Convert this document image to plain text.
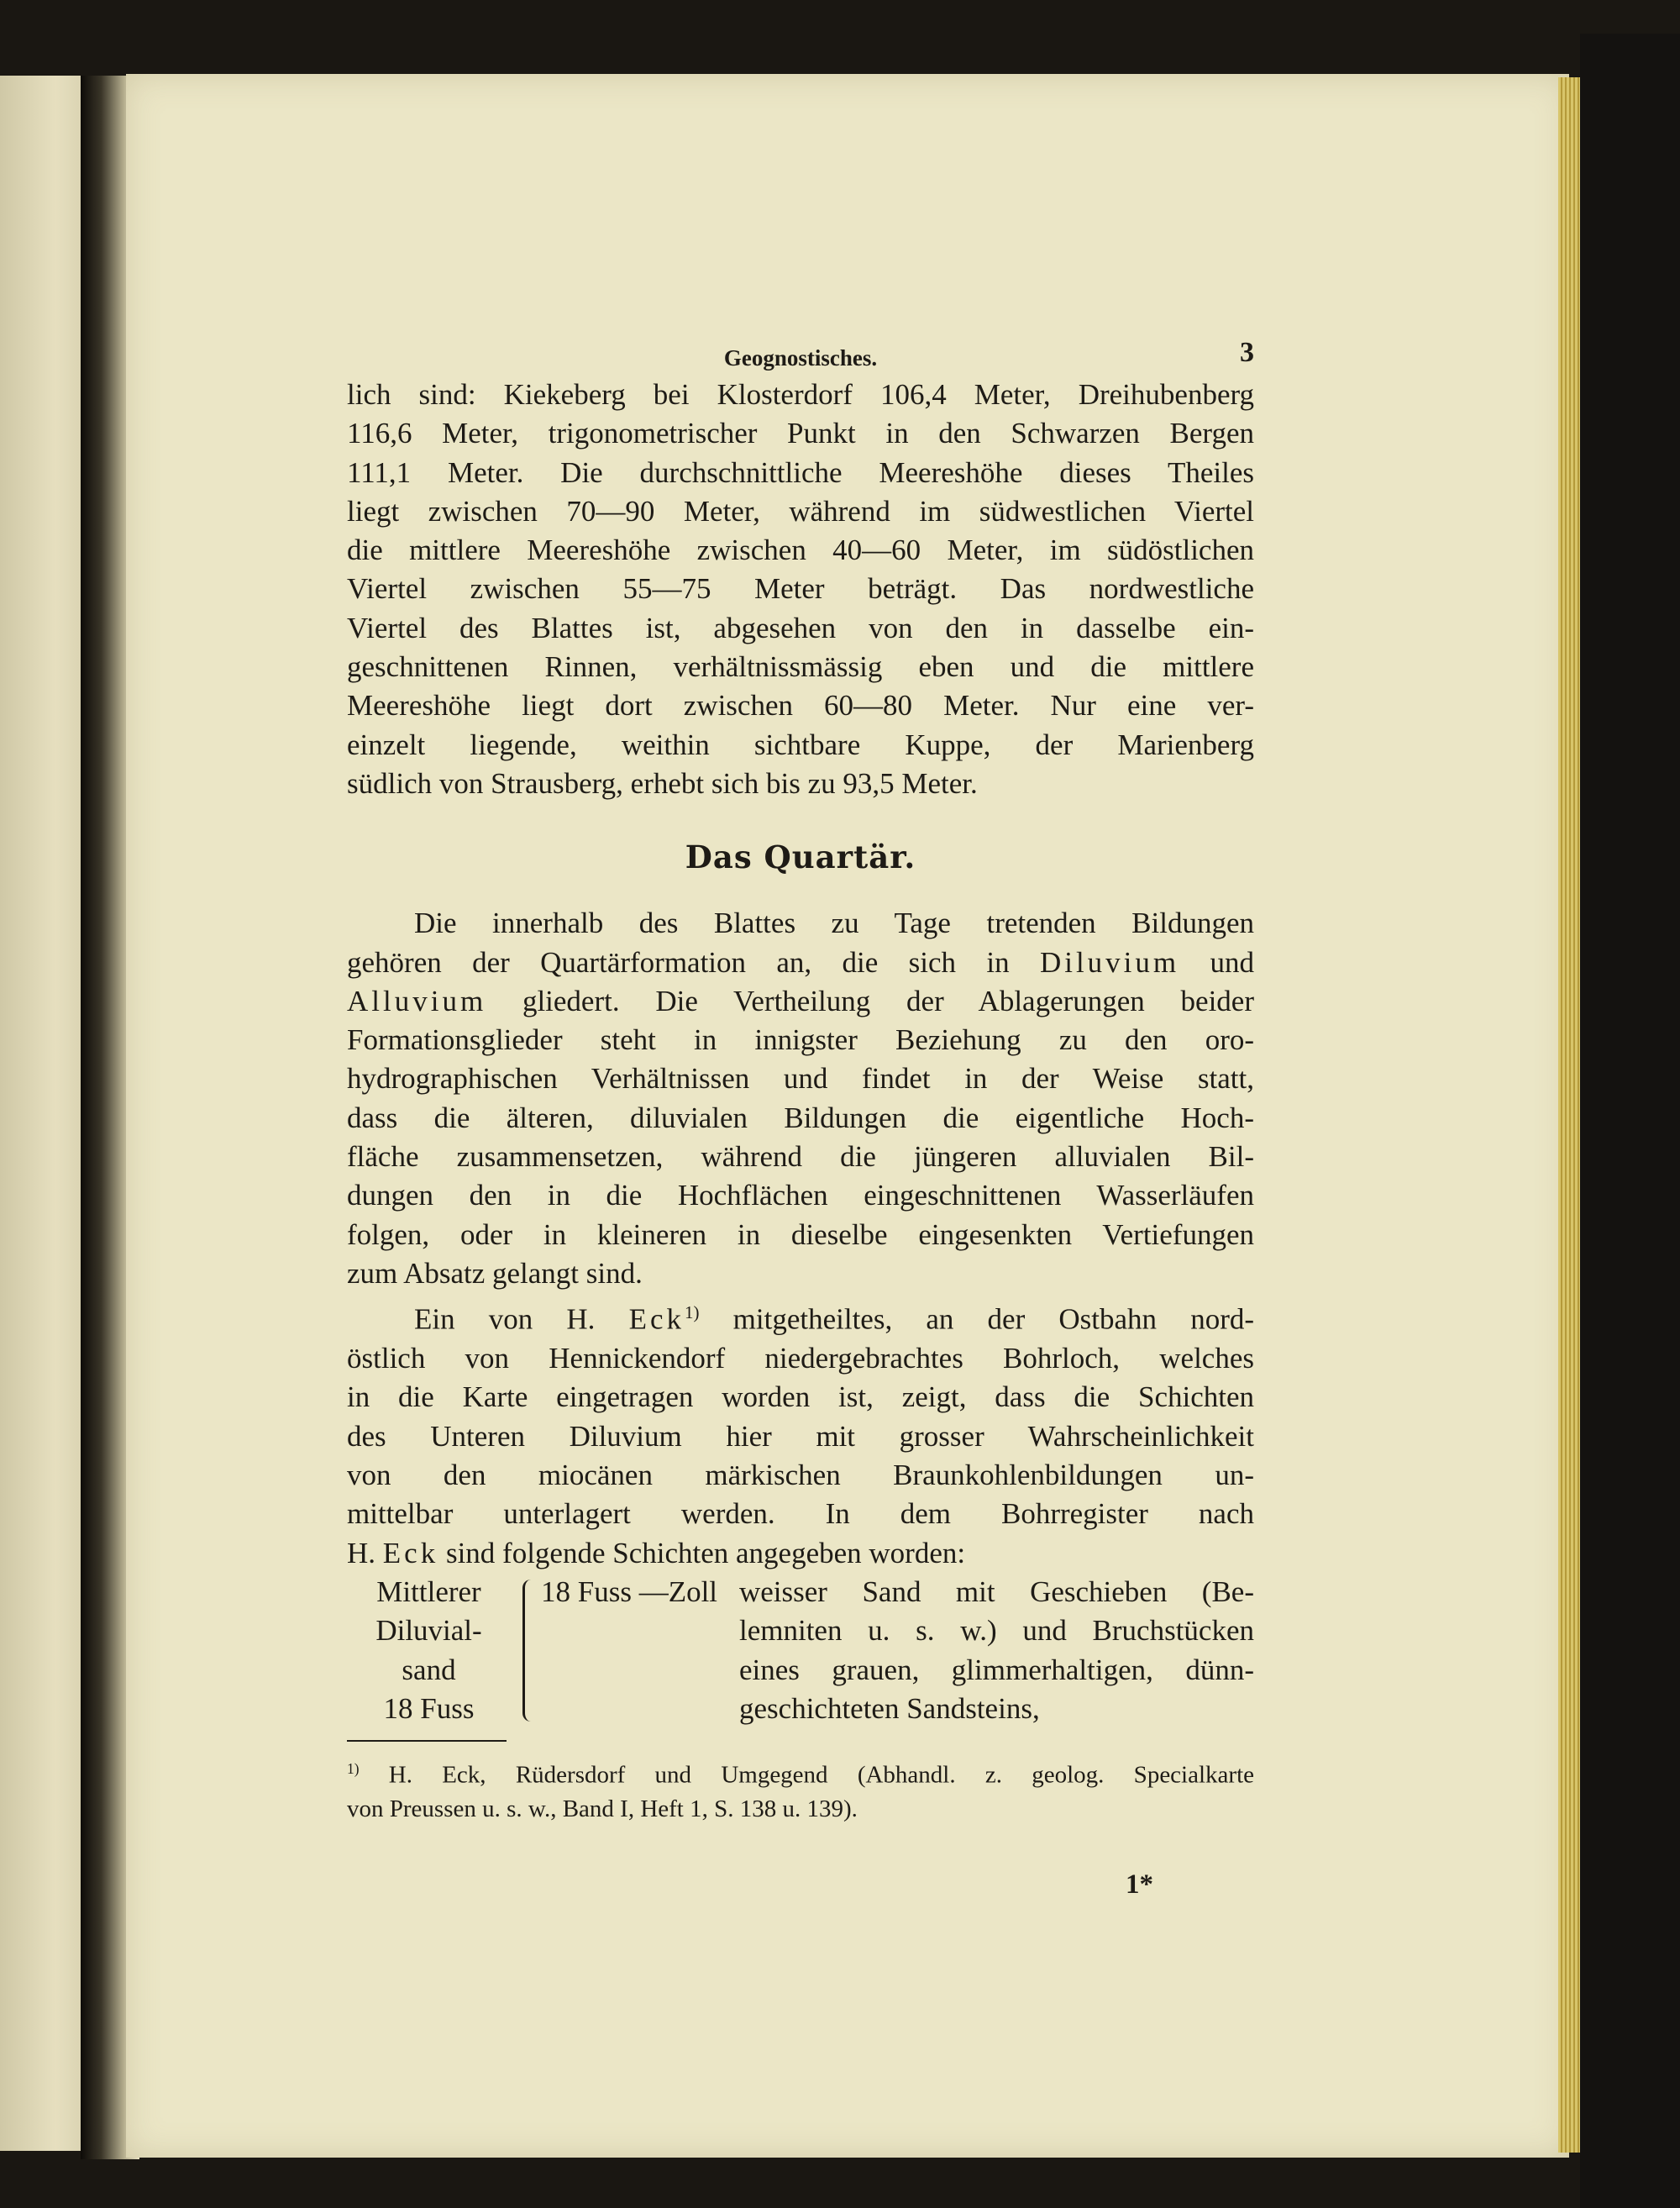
Geognostisches.	3

lich sind: Kiekeberg bei Klosterdorf 106,4 Meter, Dreihubenberg

116,6 Meter, trigonometrischer Punkt in den Schwarzen Bergen

111,1 Meter. Die durchschnittliche Meereshöhe dieses Theiles

liegt zwischen 70—90 Meter, während im südwestlichen Viertel

die mittlere Meereshöhe zwischen 40—60 Meter, im südöstlichen

Viertel zwischen 55—75 Meter beträgt. Das nordwestliche

Viertel des Blattes ist, abgesehen von den in dasselbe ein-

geschnittenen Rinnen, verhältnissmässig eben und die mittlere

Meereshöhe liegt dort zwischen 60—80 Meter. Nur eine ver-

einzelt liegende, weithin sichtbare Kuppe, der Marienberg

südlich von Strausberg, erhebt sich bis zu 93,5 Meter.

Das Quartär.

Die innerhalb des Blattes zu Tage tretenden Bildungen

gehören der Quartärformation an, die sich in Diluvium und

Alluvium gliedert. Die Vertheilung der Ablagerungen beider

Formationsglieder steht in innigster Beziehung zu den oro-

hydrographischen Verhältnissen und findet in der Weise statt,

dass die älteren, diluvialen Bildungen die eigentliche Hoch-

fläche zusammensetzen, während die jüngeren alluvialen Bil-

dungen den in die Hochflächen eingeschnittenen Wasserläufen

folgen, oder in kleineren in dieselbe eingesenkten Vertiefungen

zum Absatz gelangt sind.

Ein von H. Eck$^{1)}$ mitgetheiltes, an der Ostbahn nord-

östlich von Hennickendorf niedergebrachtes Bohrloch, welches

in die Karte eingetragen worden ist, zeigt, dass die Schichten

des Unteren Diluvium hier mit grosser Wahrscheinlichkeit

von den miocänen märkischen Braunkohlenbildungen un-

mittelbar unterlagert werden. In dem Bohrregister nach

H. Eck sind folgende Schichten angegeben worden:

Mittlerer
Diluvial-
sand
18 Fuss
18 Fuss —Zoll weisser Sand mit Geschieben (Be-

lemniten u. s. w.) und Bruchstücken

eines grauen, glimmerhaltigen, dünn-

geschichteten Sandsteins,

$^{1)}$ H. Eck, Rüdersdorf und Umgegend (Abhandl. z. geolog. Specialkarte

von Preussen u. s. w., Band I, Heft 1, S. 138 u. 139).

1*
